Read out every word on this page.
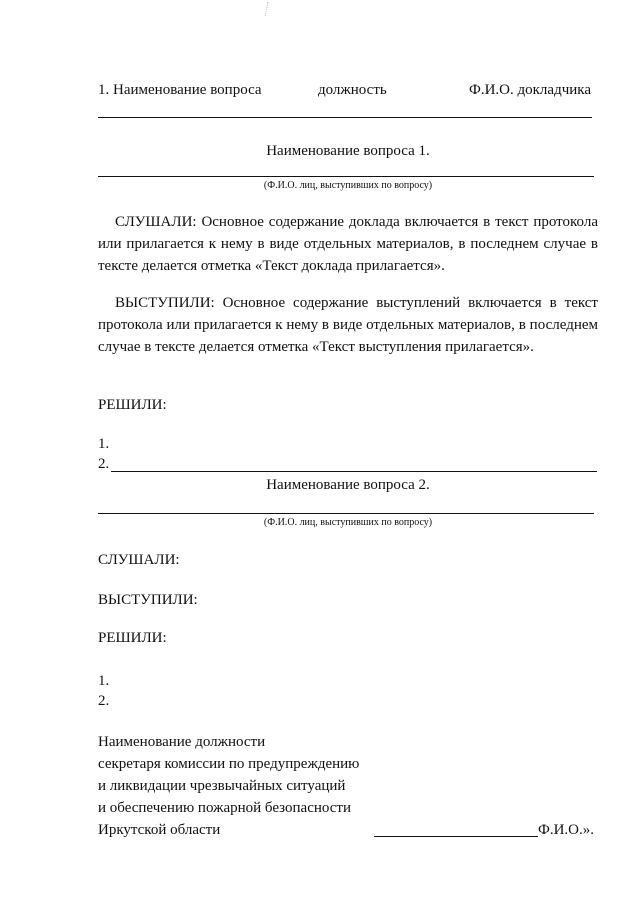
1. Наименование вопроса	должность	Ф.И.О. докладчика
Наименование вопроса 1.
(Ф.И.О. лиц, выступивших по вопросу)
СЛУШАЛИ: Основное содержание доклада включается в текст протокола или прилагается к нему в виде отдельных материалов, в последнем случае в тексте делается отметка «Текст доклада прилагается».
ВЫСТУПИЛИ: Основное содержание выступлений включается в текст протокола или прилагается к нему в виде отдельных материалов, в последнем случае в тексте делается отметка «Текст выступления прилагается».
РЕШИЛИ:
1.
2.
Наименование вопроса 2.
(Ф.И.О. лиц, выступивших по вопросу)
СЛУШАЛИ:
ВЫСТУПИЛИ:
РЕШИЛИ:
1.
2.
Наименование должности
секретаря комиссии по предупреждению
и ликвидации чрезвычайных ситуаций
и обеспечению пожарной безопасности
Иркутской области	Ф.И.О.».
